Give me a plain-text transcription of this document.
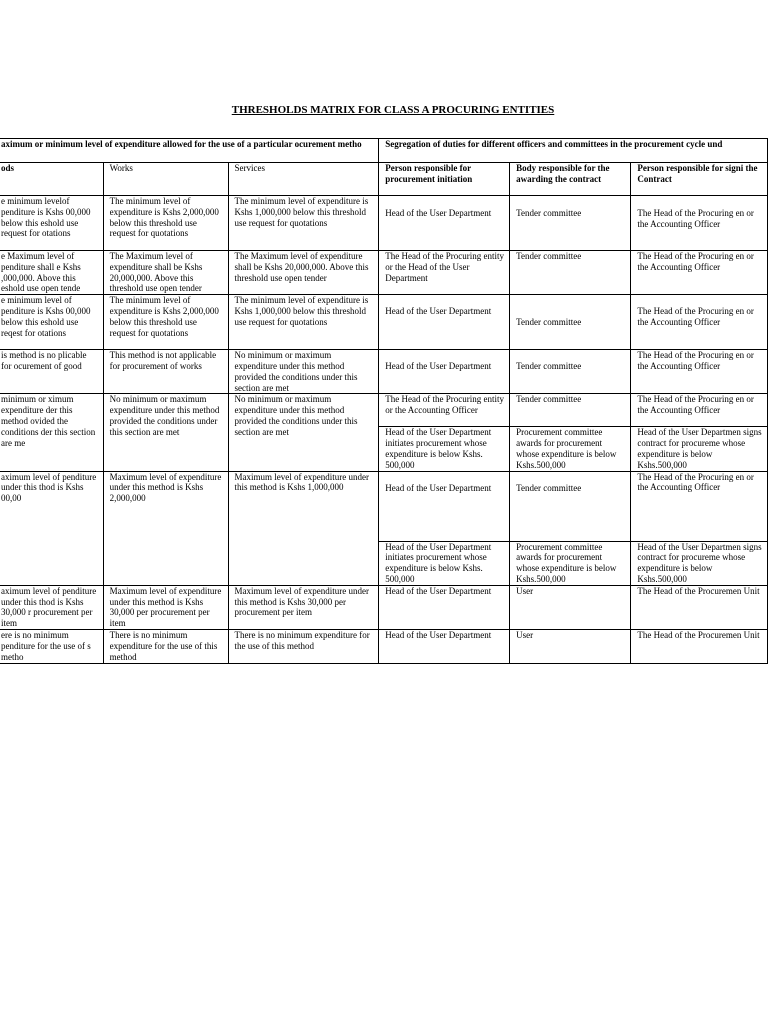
THRESHOLDS MATRIX FOR CLASS A PROCURING ENTITIES
aximum or minimum level of expenditure allowed for the use of a particular ocurement metho			Segregation of duties for different officers and committees in the procurement cycle und		
ods	Works	Services	Person responsible for procurement initiation	Body responsible for the awarding the contract	Person responsible for signi the Contract
e minimum levelof penditure is Kshs 00,000 below this eshold use request for otations	The minimum level of expenditure is Kshs 2,000,000 below this threshold use request for quotations	The minimum level of expenditure is Kshs 1,000,000 below this threshold use request for quotations	Head of the User Department	Tender committee	The Head of the Procuring en or the Accounting Officer
e Maximum level of penditure shall e Kshs ,000,000. Above this eshold use open tende	The Maximum level of expenditure shall be Kshs 20,000,000. Above this threshold use open tender	The Maximum level of expenditure shall be Kshs 20,000,000. Above this threshold use open tender	The Head of the Procuring entity or the Head of the User Department	Tender committee	The Head of the Procuring en or the Accounting Officer
e minimum level of penditure is Kshs 00,000 below this eshold use reqest for otations	The minimum level of expenditure is Kshs 2,000,000 below this threshold use request for quotations	The minimum level of expenditure is Kshs 1,000,000 below this threshold use request for quotations	Head of the User Department	Tender committee	The Head of the Procuring en or the Accounting Officer
is method is no plicable for ocurement of good	This method is not applicable for procurement of works	No minimum or maximum expenditure under this method provided the conditions under this section are met	Head of the User Department	Tender committee	The Head of the Procuring en or the Accounting Officer
minimum or ximum expenditure der this method ovided the conditions der this section are me	No minimum or maximum expenditure under this method provided the conditions under this section are met	No minimum or maximum expenditure under this method provided the conditions under this section are met	The Head of the Procuring entity or the Accounting Officer	Tender committee	The Head of the Procuring en or the Accounting Officer
			Head of the User Department initiates procurement whose expenditure is below Kshs. 500,000	Procurement committee awards for procurement whose expenditure is below Kshs.500,000	Head of the User Departmen signs contract for procureme whose expenditure is below Kshs.500,000
aximum level of penditure under this thod is Kshs 00,00	Maximum level of expenditure under this method is Kshs 2,000,000	Maximum level of expenditure under this method is Kshs 1,000,000	Head of the User Department	Tender committee	The Head of the Procuring en or the Accounting Officer
			Head of the User Department initiates procurement whose expenditure is below Kshs. 500,000	Procurement committee awards for procurement whose expenditure is below Kshs.500,000	Head of the User Departmen signs contract for procureme whose expenditure is below Kshs.500,000
aximum level of penditure under this thod is Kshs 30,000 r procurement per item	Maximum level of expenditure under this method is Kshs 30,000 per procurement per item	Maximum level of expenditure under this method is Kshs 30,000 per procurement per item	Head of the User Department	User	The Head of the Procuremen Unit
ere is no minimum penditure for the use of s metho	There is no minimum expenditure for the use of this method	There is no minimum expenditure for the use of this method	Head of the User Department	User	The Head of the Procuremen Unit
